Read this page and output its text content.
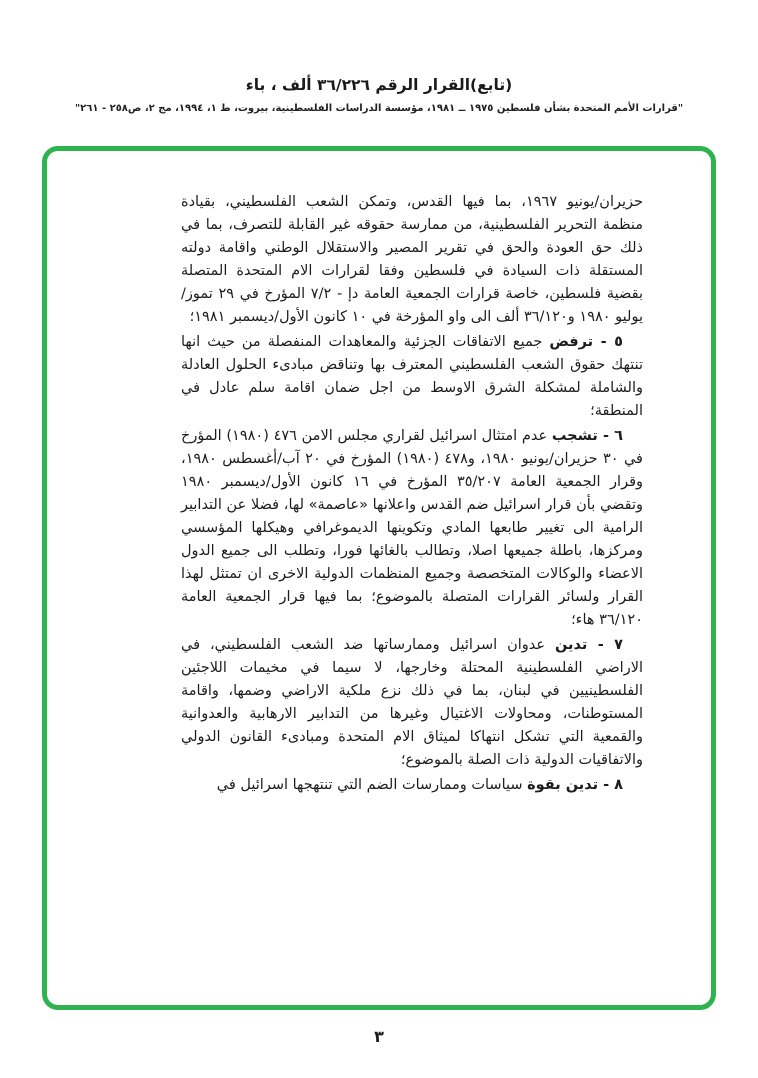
(تابع)القرار الرقم ٣٦/٢٢٦ ألف ، باء
"قرارات الأمم المتحدة بشأن فلسطين ١٩٧٥ ــ ١٩٨١، مؤسسة الدراسات الفلسطينية، بيروت، ط ١، ١٩٩٤، مج ٢، ص٢٥٨ - ٢٦١"

حزيران/يونيو ١٩٦٧، بما فيها القدس، وتمكن الشعب الفلسطيني، بقيادة منظمة التحرير الفلسطينية، من ممارسة حقوقه غير القابلة للتصرف، بما في ذلك حق العودة والحق في تقرير المصير والاستقلال الوطني واقامة دولته المستقلة ذات السيادة في فلسطين وفقا لقرارات الام المتحدة المتصلة بقضية فلسطين، خاصة قرارات الجمعية العامة دإ - ٧/٢ المؤرخ في ٢٩ تموز/يوليو ١٩٨٠ و٣٦/١٢٠ ألف الى واو المؤرخة في ١٠ كانون الأول/ديسمبر ١٩٨١؛

٥ - ترفض جميع الاتفاقات الجزئية والمعاهدات المنفصلة من حيث انها تنتهك حقوق الشعب الفلسطيني المعترف بها وتناقض مبادىء الحلول العادلة والشاملة لمشكلة الشرق الاوسط من اجل ضمان اقامة سلم عادل في المنطقة؛

٦ - تشجب عدم امتثال اسرائيل لقراري مجلس الامن ٤٧٦ (١٩٨٠) المؤرخ في ٣٠ حزيران/يونيو ١٩٨٠، و٤٧٨ (١٩٨٠) المؤرخ في ٢٠ آب/أغسطس ١٩٨٠، وقرار الجمعية العامة ٣٥/٢٠٧ المؤرخ في ١٦ كانون الأول/ديسمبر ١٩٨٠ وتقضي بأن قرار اسرائيل ضم القدس واعلانها «عاصمة» لها، فضلا عن التدابير الرامية الى تغيير طابعها المادي وتكوينها الديموغرافي وهيكلها المؤسسي ومركزها، باطلة جميعها اصلا، وتطالب بالغائها فورا، وتطلب الى جميع الدول الاعضاء والوكالات المتخصصة وجميع المنظمات الدولية الاخرى ان تمتثل لهذا القرار ولسائر القرارات المتصلة بالموضوع؛ بما فيها قرار الجمعية العامة ٣٦/١٢٠ هاء؛

٧ - تدين عدوان اسرائيل وممارساتها ضد الشعب الفلسطيني، في الاراضي الفلسطينية المحتلة وخارجها، لا سيما في مخيمات اللاجئين الفلسطينيين في لبنان، بما في ذلك نزع ملكية الاراضي وضمها، واقامة المستوطنات، ومحاولات الاغتيال وغيرها من التدابير الارهابية والعدوانية والقمعية التي تشكل انتهاكا لميثاق الام المتحدة ومبادىء القانون الدولي والاتفاقيات الدولية ذات الصلة بالموضوع؛

٨ - تدين بقوة سياسات وممارسات الضم التي تنتهجها اسرائيل في

٣
